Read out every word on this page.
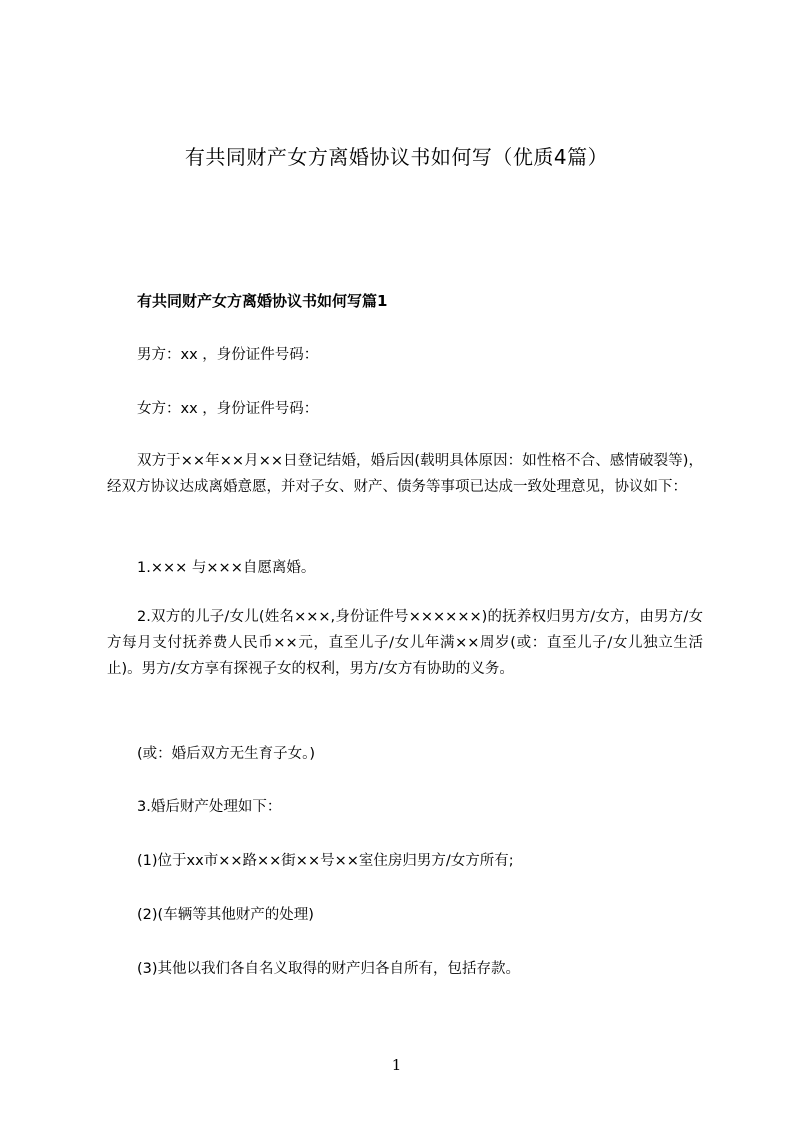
有共同财产女方离婚协议书如何写（优质4篇）
有共同财产女方离婚协议书如何写篇1
男方：xx ，身份证件号码：
女方：xx ，身份证件号码：
双方于××年××月××日登记结婚，婚后因(载明具体原因：如性格不合、感情破裂等)，经双方协议达成离婚意愿，并对子女、财产、债务等事项已达成一致处理意见，协议如下：
1.××× 与×××自愿离婚。
2.双方的儿子/女儿(姓名×××,身份证件号××××××)的抚养权归男方/女方，由男方/女方每月支付抚养费人民币××元，直至儿子/女儿年满××周岁(或：直至儿子/女儿独立生活止)。男方/女方享有探视子女的权利，男方/女方有协助的义务。
(或：婚后双方无生育子女。)
3.婚后财产处理如下：
(1)位于xx市××路××街××号××室住房归男方/女方所有;
(2)(车辆等其他财产的处理)
(3)其他以我们各自名义取得的财产归各自所有，包括存款。
1
